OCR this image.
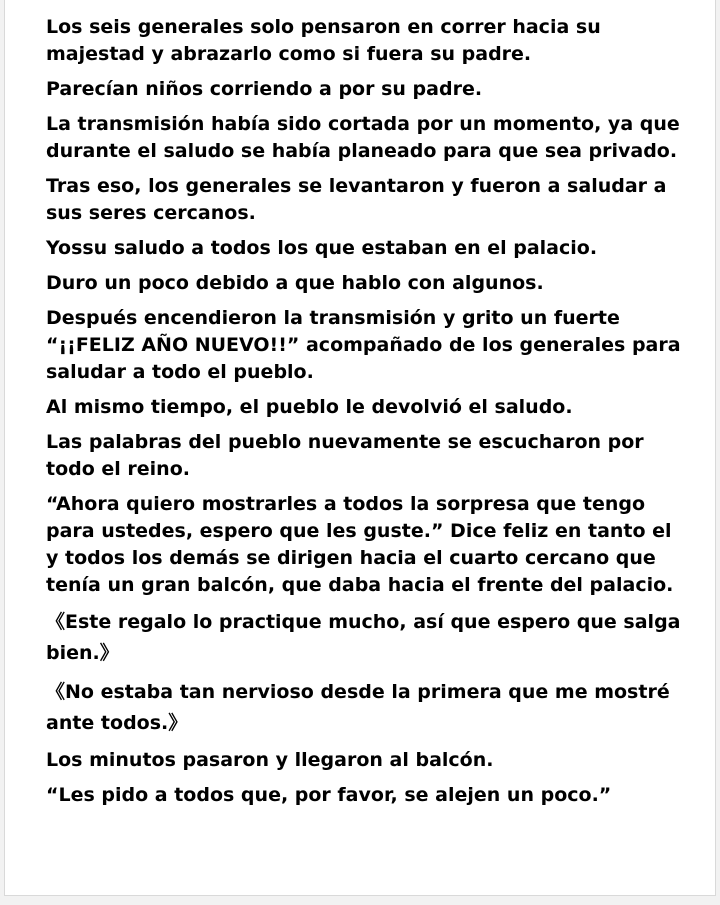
Los seis generales solo pensaron en correr hacia su majestad y abrazarlo como si fuera su padre.

Parecían niños corriendo a por su padre.

La transmisión había sido cortada por un momento, ya que durante el saludo se había planeado para que sea privado.

Tras eso, los generales se levantaron y fueron a saludar a sus seres cercanos.

Yossu saludo a todos los que estaban en el palacio.

Duro un poco debido a que hablo con algunos.

Después encendieron la transmisión y grito un fuerte “¡¡FELIZ AÑO NUEVO!!” acompañado de los generales para saludar a todo el pueblo.

Al mismo tiempo, el pueblo le devolvió el saludo.

Las palabras del pueblo nuevamente se escucharon por todo el reino.

“Ahora quiero mostrarles a todos la sorpresa que tengo para ustedes, espero que les guste.” Dice feliz en tanto el y todos los demás se dirigen hacia el cuarto cercano que tenía un gran balcón, que daba hacia el frente del palacio.

《Este regalo lo practique mucho, así que espero que salga bien.》

《No estaba tan nervioso desde la primera que me mostré ante todos.》

Los minutos pasaron y llegaron al balcón.

“Les pido a todos que, por favor, se alejen un poco.”
